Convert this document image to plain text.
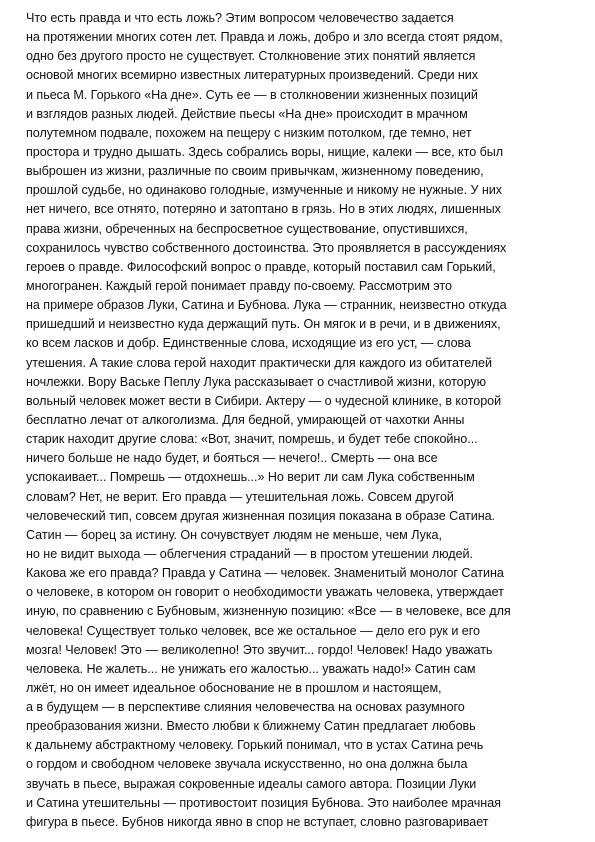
Что есть правда и что есть ложь? Этим вопросом человечество задается
на протяжении многих сотен лет. Правда и ложь, добро и зло всегда стоят рядом,
одно без другого просто не существует. Столкновение этих понятий является
основой многих всемирно известных литературных произведений. Среди них
и пьеса М. Горького «На дне». Суть ее — в столкновении жизненных позиций
и взглядов разных людей. Действие пьесы «На дне» происходит в мрачном
полутемном подвале, похожем на пещеру с низким потолком, где темно, нет
простора и трудно дышать. Здесь собрались воры, нищие, калеки — все, кто был
выброшен из жизни, различные по своим привычкам, жизненному поведению,
прошлой судьбе, но одинаково голодные, измученные и никому не нужные. У них
нет ничего, все отнято, потеряно и затоптано в грязь. Но в этих людях, лишенных
права жизни, обреченных на беспросветное существование, опустившихся,
сохранилось чувство собственного достоинства. Это проявляется в рассуждениях
героев о правде. Философский вопрос о правде, который поставил сам Горький,
многогранен. Каждый герой понимает правду по-своему. Рассмотрим это
на примере образов Луки, Сатина и Бубнова. Лука — странник, неизвестно откуда
пришедший и неизвестно куда держащий путь. Он мягок и в речи, и в движениях,
ко всем ласков и добр. Единственные слова, исходящие из его уст, — слова
утешения. А такие слова герой находит практически для каждого из обитателей
ночлежки. Вору Ваське Пеплу Лука рассказывает о счастливой жизни, которую
вольный человек может вести в Сибири. Актеру — о чудесной клинике, в которой
бесплатно лечат от алкоголизма. Для бедной, умирающей от чахотки Анны
старик находит другие слова: «Вот, значит, помрешь, и будет тебе спокойно...
ничего больше не надо будет, и бояться — нечего!.. Смерть — она все
успокаивает... Помрешь — отдохнешь...» Но верит ли сам Лука собственным
словам? Нет, не верит. Его правда — утешительная ложь. Совсем другой
человеческий тип, совсем другая жизненная позиция показана в образе Сатина.
Сатин — борец за истину. Он сочувствует людям не меньше, чем Лука,
но не видит выхода — облегчения страданий — в простом утешении людей.
Какова же его правда? Правда у Сатина — человек. Знаменитый монолог Сатина
о человеке, в котором он говорит о необходимости уважать человека, утверждает
иную, по сравнению с Бубновым, жизненную позицию: «Все — в человеке, все для
человека! Существует только человек, все же остальное — дело его рук и его
мозга! Человек! Это — великолепно! Это звучит... гордо! Человек! Надо уважать
человека. Не жалеть... не унижать его жалостью... уважать надо!» Сатин сам
лжёт, но он имеет идеальное обоснование не в прошлом и настоящем,
а в будущем — в перспективе слияния человечества на основах разумного
преобразования жизни. Вместо любви к ближнему Сатин предлагает любовь
к дальнему абстрактному человеку. Горький понимал, что в устах Сатина речь
о гордом и свободном человеке звучала искусственно, но она должна была
звучать в пьесе, выражая сокровенные идеалы самого автора. Позиции Луки
и Сатина утешительны — противостоит позиция Бубнова. Это наиболее мрачная
фигура в пьесе. Бубнов никогда явно в спор не вступает, словно разговаривает
